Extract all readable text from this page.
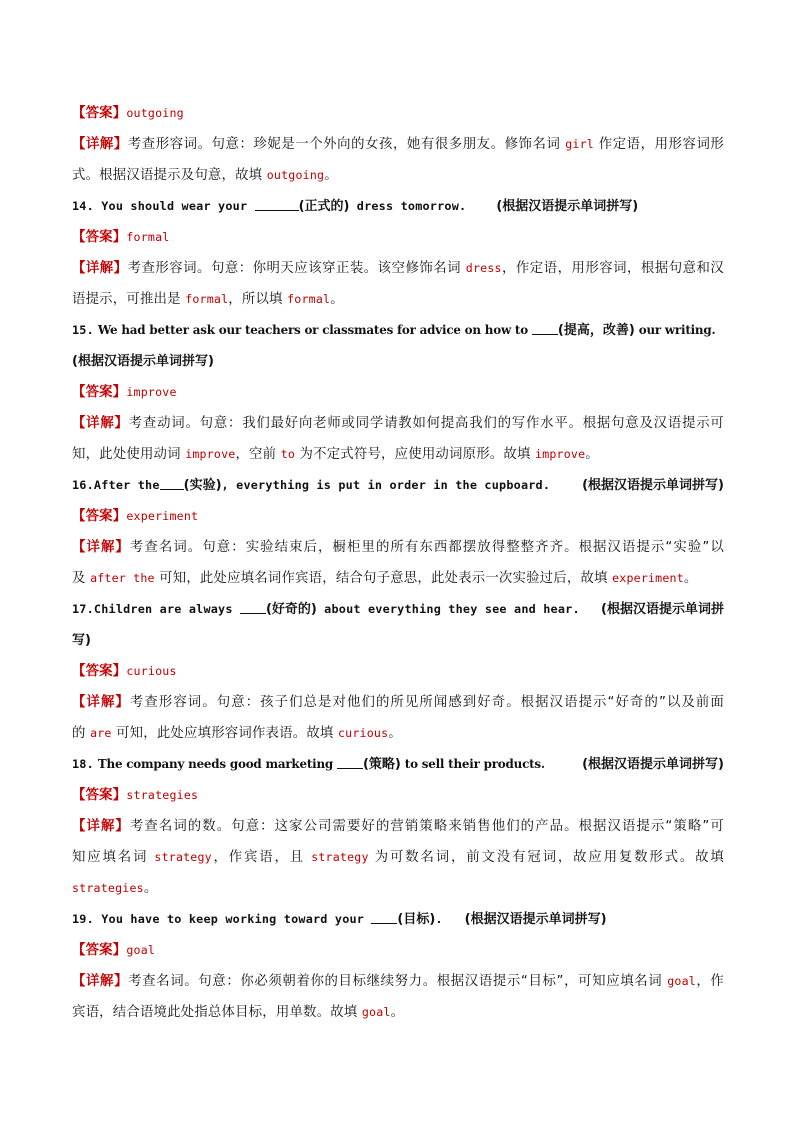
【答案】outgoing
【详解】考查形容词。句意：珍妮是一个外向的女孩，她有很多朋友。修饰名词 girl 作定语，用形容词形
式。根据汉语提示及句意，故填 outgoing。
14. You should wear your	(正式的) dress tomorrow. (根据汉语提示单词拼写)
【答案】formal
【详解】考查形容词。句意：你明天应该穿正装。该空修饰名词 dress，作定语，用形容词，根据句意和汉
语提示，可推出是 formal，所以填 formal。
15. We had better ask our teachers or classmates for advice on how to (提高，改善) our writing.
(根据汉语提示单词拼写)
【答案】improve
【详解】考查动词。句意：我们最好向老师或同学请教如何提高我们的写作水平。根据句意及汉语提示可
知，此处使用动词 improve，空前 to 为不定式符号，应使用动词原形。故填 improve。
16.After the (实验), everything is put in order in the cupboard. (根据汉语提示单词拼写)
【答案】experiment
【详解】考查名词。句意：实验结束后，橱柜里的所有东西都摆放得整整齐齐。根据汉语提示“实验”以
及 after the 可知，此处应填名词作宾语，结合句子意思，此处表示一次实验过后，故填 experiment。
17.Children are always (好奇的) about everything they see and hear. (根据汉语提示单词拼
写)
【答案】curious
【详解】考查形容词。句意：孩子们总是对他们的所见所闻感到好奇。根据汉语提示“好奇的”以及前面
的 are 可知，此处应填形容词作表语。故填 curious。
18. The company needs good marketing (策略) to sell their products.	(根据汉语提示单词拼写)
【答案】strategies
【详解】考查名词的数。句意：这家公司需要好的营销策略来销售他们的产品。根据汉语提示“策略”可
知应填名词 strategy，作宾语，且 strategy 为可数名词，前文没有冠词，故应用复数形式。故填
strategies。
19. You have to keep working toward your (目标). (根据汉语提示单词拼写)
【答案】goal
【详解】考查名词。句意：你必须朝着你的目标继续努力。根据汉语提示“目标”，可知应填名词 goal，作
宾语，结合语境此处指总体目标，用单数。故填 goal。
